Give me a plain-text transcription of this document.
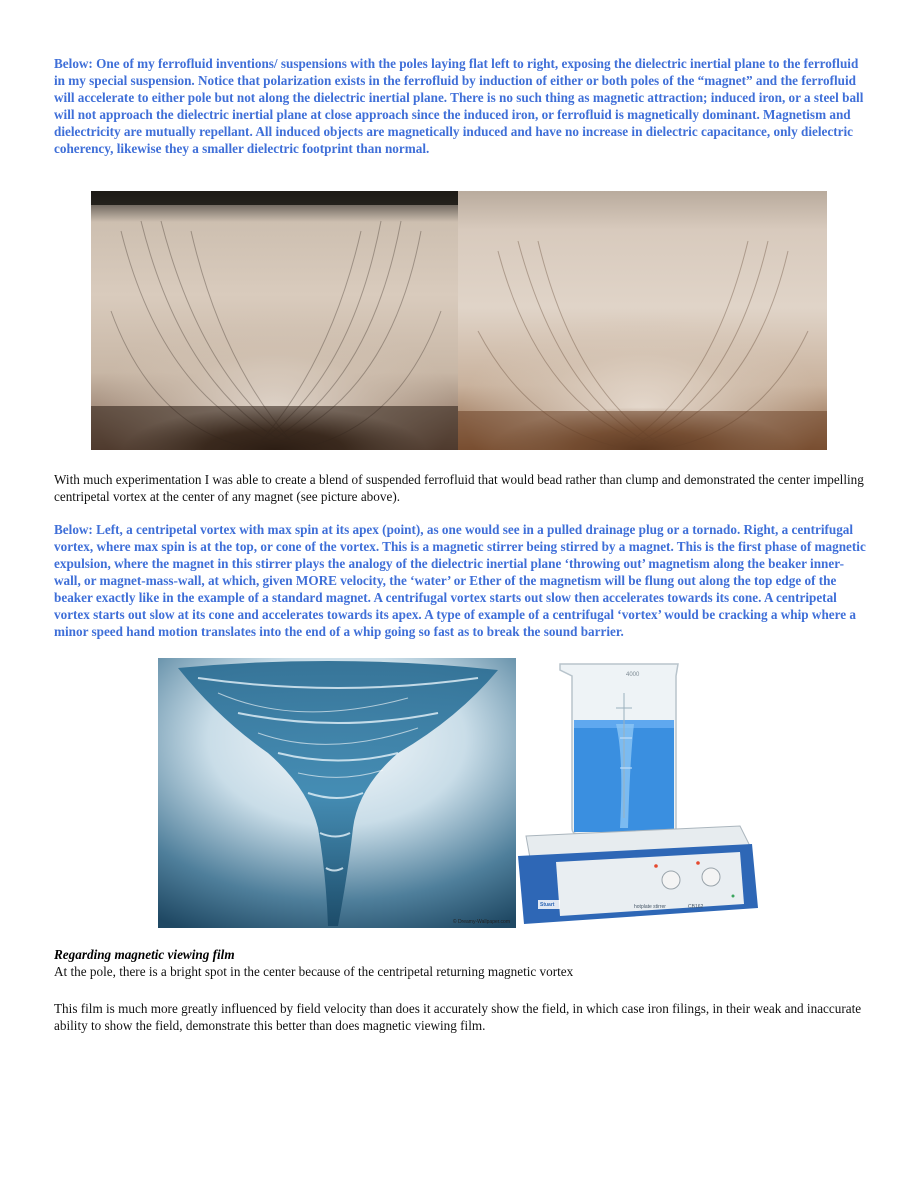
Below: One of my ferrofluid inventions/ suspensions with the poles laying flat left to right, exposing the dielectric inertial plane to the ferrofluid in my special suspension. Notice that polarization exists in the ferrofluid by induction of either or both poles of the “magnet” and the ferrofluid will accelerate to either pole but not along the dielectric inertial plane. There is no such thing as magnetic attraction; induced iron, or a steel ball will not approach the dielectric inertial plane at close approach since the induced iron, or ferrofluid is magnetically dominant. Magnetism and dielectricity are mutually repellant. All induced objects are magnetically induced and have no increase in dielectric capacitance, only dielectric coherency, likewise they a smaller dielectric footprint than normal.

With much experimentation I was able to create a blend of suspended ferrofluid that would bead rather than clump and demonstrated the center impelling centripetal vortex at the center of any magnet (see picture above).

Below: Left, a centripetal vortex with max spin at its apex (point), as one would see in a pulled drainage plug or a tornado. Right, a centrifugal vortex, where max spin is at the top, or cone of the vortex. This is a magnetic stirrer being stirred by a magnet. This is the first phase of magnetic expulsion, where the magnet in this stirrer plays the analogy of the dielectric inertial plane ‘throwing out’ magnetism along the beaker inner-wall, or magnet-mass-wall, at which, given MORE velocity, the ‘water’ or Ether of the magnetism will be flung out along the top edge of the beaker exactly like in the example of a standard magnet. A centrifugal vortex starts out slow then accelerates towards its cone. A centripetal vortex starts out slow at its cone and accelerates towards its apex. A type of example of a centrifugal ‘vortex’ would be cracking a whip where a minor speed hand motion translates into the end of a whip going so fast as to break the sound barrier.

© Dreamy-Wallpaper.com
4000
Stuart	hotplate stirrer	CB162

Regarding magnetic viewing film

At the pole, there is a bright spot in the center because of the centripetal returning magnetic vortex

This film is much more greatly influenced by field velocity than does it accurately show the field, in which case iron filings, in their weak and inaccurate ability to show the field, demonstrate this better than does magnetic viewing film.
